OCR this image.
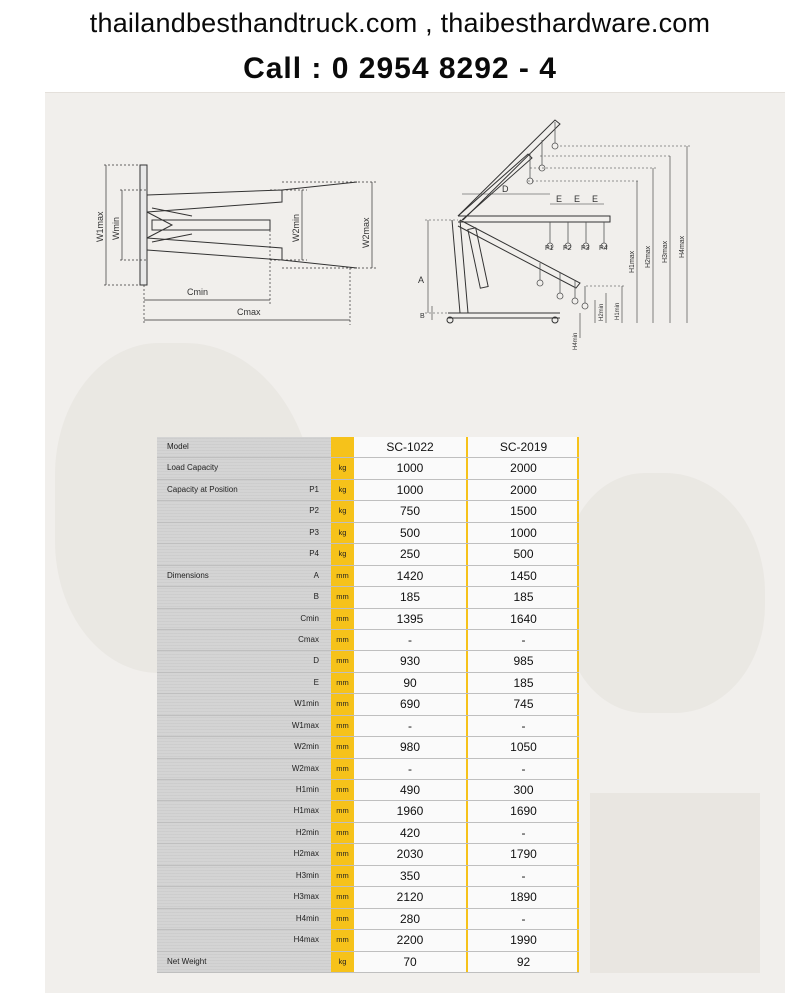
thailandbesthandtruck.com , thaibesthardware.com
Call : 0 2954 8292 - 4
W1max Wmin	W2min	W2max
Cmin
Cmax
A
B
D
E E E
P1 P2 P3 P4	H4max
H3max
H2max
H1max
H1min
H2min
H4min
Model	SC-1022	SC-2019
Load Capacity	kg	1000	2000
Capacity at Position	P1	kg	1000	2000
P2	kg	750	1500
P3	kg	500	1000
P4	kg	250	500
Dimensions	A	mm	1420	1450
B	mm	185	185
Cmin	mm	1395	1640
Cmax	mm	-	-
D	mm	930	985
E	mm	90	185
W1min	mm	690	745
W1max	mm	-	-
W2min	mm	980	1050
W2max	mm	-	-
H1min	mm	490	300
H1max	mm	1960	1690
H2min	mm	420	-
H2max	mm	2030	1790
H3min	mm	350	-
H3max	mm	2120	1890
H4min	mm	280	-
H4max	mm	2200	1990
Net Weight	kg	70	92
